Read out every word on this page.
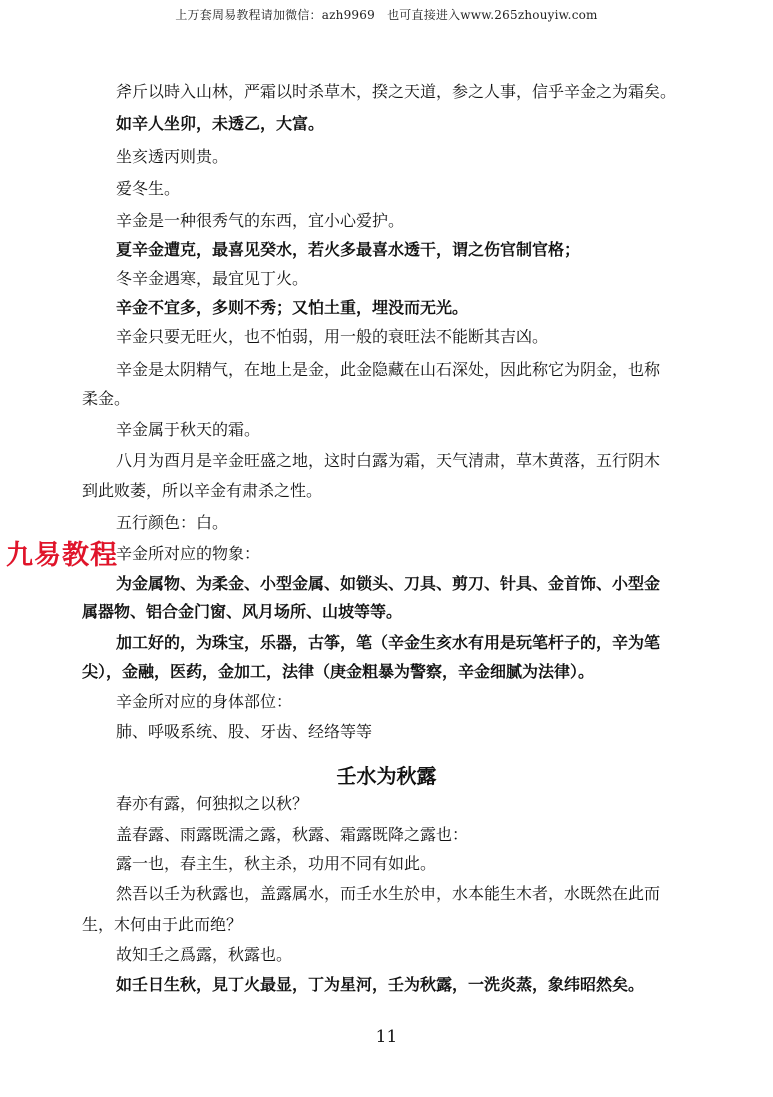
上万套周易教程请加微信：azh9969　也可直接进入www.265zhouyiw.com
斧斤以時入山林，严霜以时杀草木，揆之天道，参之人事，信乎辛金之为霜矣。
如辛人坐卯，未透乙，大富。
坐亥透丙则贵。
爱冬生。
辛金是一种很秀气的东西，宜小心爱护。
夏辛金遭克，最喜见癸水，若火多最喜水透干，谓之伤官制官格；
冬辛金遇寒，最宜见丁火。
辛金不宜多，多则不秀；又怕土重，埋没而无光。
辛金只要无旺火，也不怕弱，用一般的衰旺法不能断其吉凶。
辛金是太阴精气，在地上是金，此金隐藏在山石深处，因此称它为阴金，也称
柔金。
辛金属于秋天的霜。
八月为酉月是辛金旺盛之地，这时白露为霜，天气清肃，草木黄落，五行阴木
到此败萎，所以辛金有肃杀之性。
五行颜色：白。
辛金所对应的物象：
为金属物、为柔金、小型金属、如锁头、刀具、剪刀、针具、金首饰、小型金
属器物、铝合金门窗、风月场所、山坡等等。
加工好的，为珠宝，乐器，古筝，笔（辛金生亥水有用是玩笔杆子的，辛为笔
尖），金融，医药，金加工，法律（庚金粗暴为警察，辛金细腻为法律）。
辛金所对应的身体部位：
肺、呼吸系统、股、牙齿、经络等等
壬水为秋露
春亦有露，何独拟之以秋？
盖春露、雨露既濡之露，秋露、霜露既降之露也：
露一也，春主生，秋主杀，功用不同有如此。
然吾以壬为秋露也，盖露属水，而壬水生於申，水本能生木者，水既然在此而
生，木何由于此而绝？
故知壬之爲露，秋露也。
如壬日生秋，見丁火最显，丁为星河，壬为秋露，一洗炎蒸，象纬昭然矣。
九易教程
11
